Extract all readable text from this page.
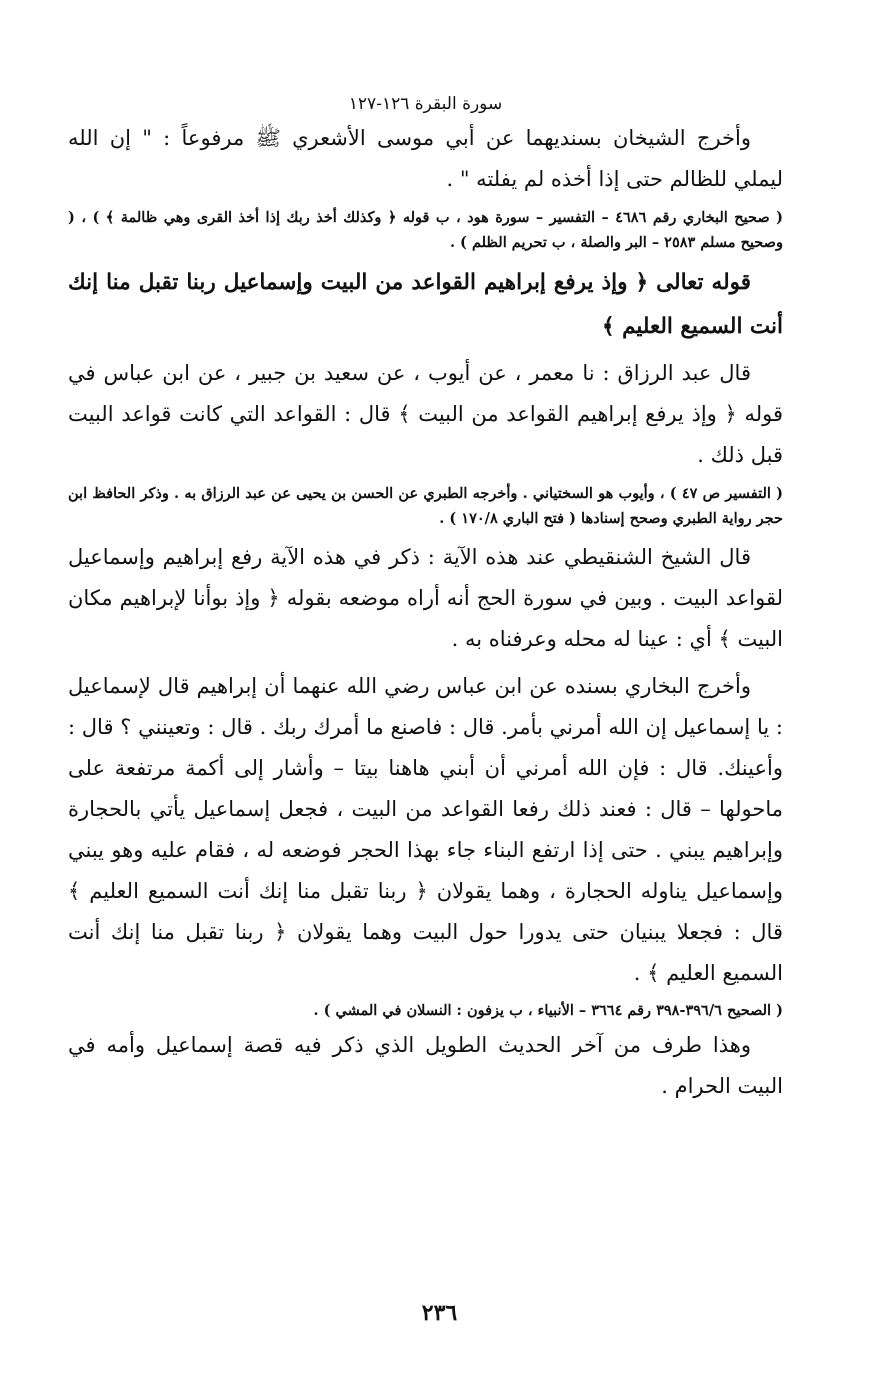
سورة البقرة ١٢٦-١٢٧

وأخرج الشيخان بسنديهما عن أبي موسى الأشعري ﷺ مرفوعاً : " إن الله ليملي للظالم حتى إذا أخذه لم يفلته " .

( صحيح البخاري رقم ٤٦٨٦ – التفسير – سورة هود ، ب قوله ﴿ وكذلك أخذ ربك إذا أخذ القرى وهي ظالمة ﴾ ) ، ( وصحيح مسلم ٢٥٨٣ – البر والصلة ، ب تحريم الظلم ) .

قوله تعالى ﴿ وإذ يرفع إبراهيم القواعد من البيت وإسماعيل ربنا تقبل منا إنك أنت السميع العليم ﴾

قال عبد الرزاق : نا معمر ، عن أيوب ، عن سعيد بن جبير ، عن ابن عباس في قوله ﴿ وإذ يرفع إبراهيم القواعد من البيت ﴾ قال : القواعد التي كانت قواعد البيت قبل ذلك .

( التفسير ص ٤٧ ) ، وأيوب هو السختياني . وأخرجه الطبري عن الحسن بن يحيى عن عبد الرزاق به . وذكر الحافظ ابن حجر رواية الطبري وصحح إسنادها ( فتح الباري ١٧٠/٨ ) .

قال الشيخ الشنقيطي عند هذه الآية : ذكر في هذه الآية رفع إبراهيم وإسماعيل لقواعد البيت . وبين في سورة الحج أنه أراه موضعه بقوله ﴿ وإذ بوأنا لإبراهيم مكان البيت ﴾ أي : عينا له محله وعرفناه به .

وأخرج البخاري بسنده عن ابن عباس رضي الله عنهما أن إبراهيم قال لإسماعيل : يا إسماعيل إن الله أمرني بأمر. قال : فاصنع ما أمرك ربك . قال : وتعينني ؟ قال : وأعينك. قال : فإن الله أمرني أن أبني هاهنا بيتا – وأشار إلى أكمة مرتفعة على ماحولها – قال : فعند ذلك رفعا القواعد من البيت ، فجعل إسماعيل يأتي بالحجارة وإبراهيم يبني . حتى إذا ارتفع البناء جاء بهذا الحجر فوضعه له ، فقام عليه وهو يبني وإسماعيل يناوله الحجارة ، وهما يقولان ﴿ ربنا تقبل منا إنك أنت السميع العليم ﴾ قال : فجعلا يبنيان حتى يدورا حول البيت وهما يقولان ﴿ ربنا تقبل منا إنك أنت السميع العليم ﴾ .

( الصحيح ٣٩٦/٦-٣٩٨ رقم ٣٦٦٤ – الأنبياء ، ب يزفون : النسلان في المشي ) .

وهذا طرف من آخر الحديث الطويل الذي ذكر فيه قصة إسماعيل وأمه في البيت الحرام .

٢٣٦
